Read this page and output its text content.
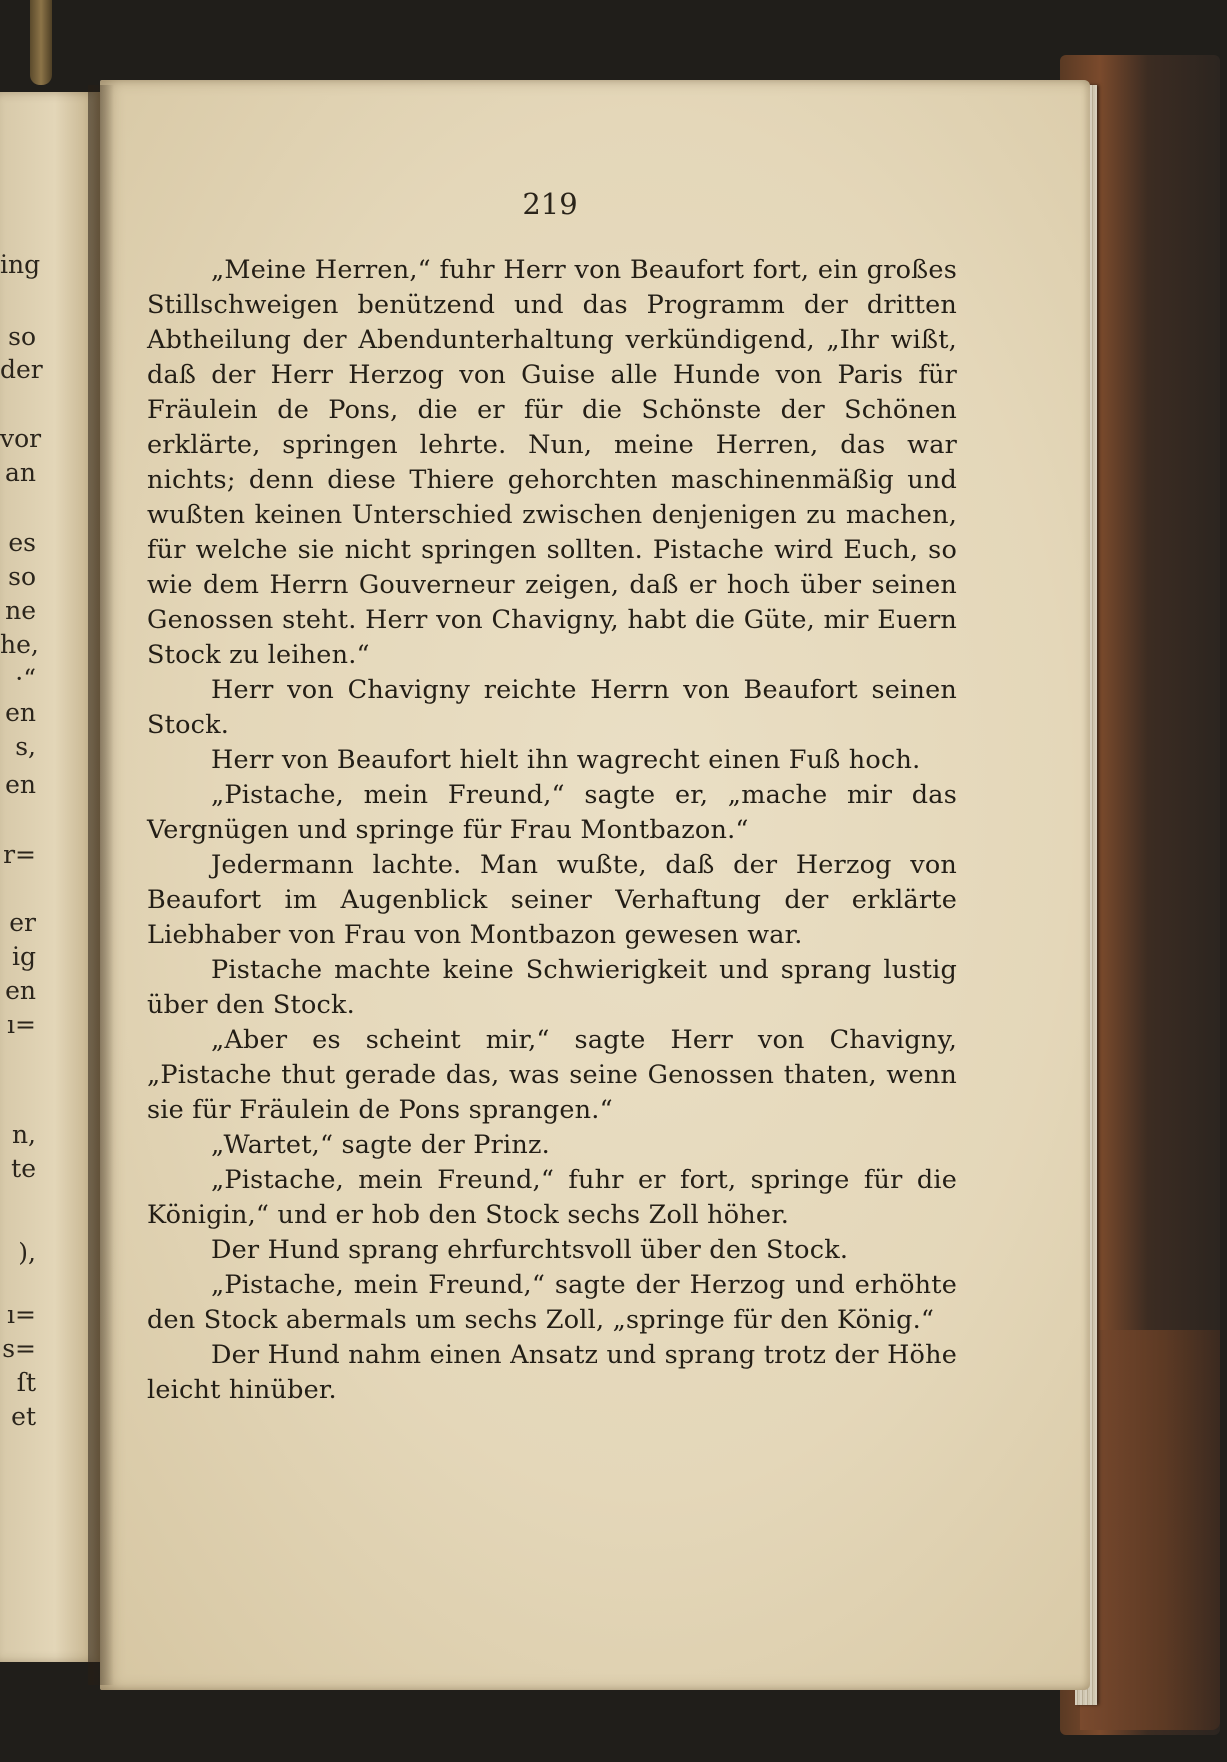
ing
so
der
vor
an
es
so
ne
he,
·“
en
s,
en
r=
er
ig
en
ı=
n,
te
),
ı=
s=
ſt
et
219

„Meine Herren,“ fuhr Herr von Beaufort fort, ein großes Stillschweigen benützend und das Programm der dritten Abtheilung der Abendunterhaltung verkündigend, „Ihr wißt, daß der Herr Herzog von Guise alle Hunde von Paris für Fräulein de Pons, die er für die Schönste der Schönen erklärte, springen lehrte. Nun, meine Herren, das war nichts; denn diese Thiere gehorchten maschinenmäßig und wußten keinen Unterschied zwischen denjenigen zu machen, für welche sie nicht springen sollten. Pistache wird Euch, so wie dem Herrn Gouverneur zeigen, daß er hoch über seinen Genossen steht. Herr von Chavigny, habt die Güte, mir Euern Stock zu leihen.“

Herr von Chavigny reichte Herrn von Beaufort seinen Stock.

Herr von Beaufort hielt ihn wagrecht einen Fuß hoch.

„Pistache, mein Freund,“ sagte er, „mache mir das Vergnügen und springe für Frau Montbazon.“

Jedermann lachte. Man wußte, daß der Herzog von Beaufort im Augenblick seiner Verhaftung der erklärte Liebhaber von Frau von Montbazon gewesen war.

Pistache machte keine Schwierigkeit und sprang lustig über den Stock.

„Aber es scheint mir,“ sagte Herr von Chavigny, „Pistache thut gerade das, was seine Genossen thaten, wenn sie für Fräulein de Pons sprangen.“

„Wartet,“ sagte der Prinz.

„Pistache, mein Freund,“ fuhr er fort, springe für die Königin,“ und er hob den Stock sechs Zoll höher.

Der Hund sprang ehrfurchtsvoll über den Stock.

„Pistache, mein Freund,“ sagte der Herzog und erhöhte den Stock abermals um sechs Zoll, „springe für den König.“

Der Hund nahm einen Ansatz und sprang trotz der Höhe leicht hinüber.
